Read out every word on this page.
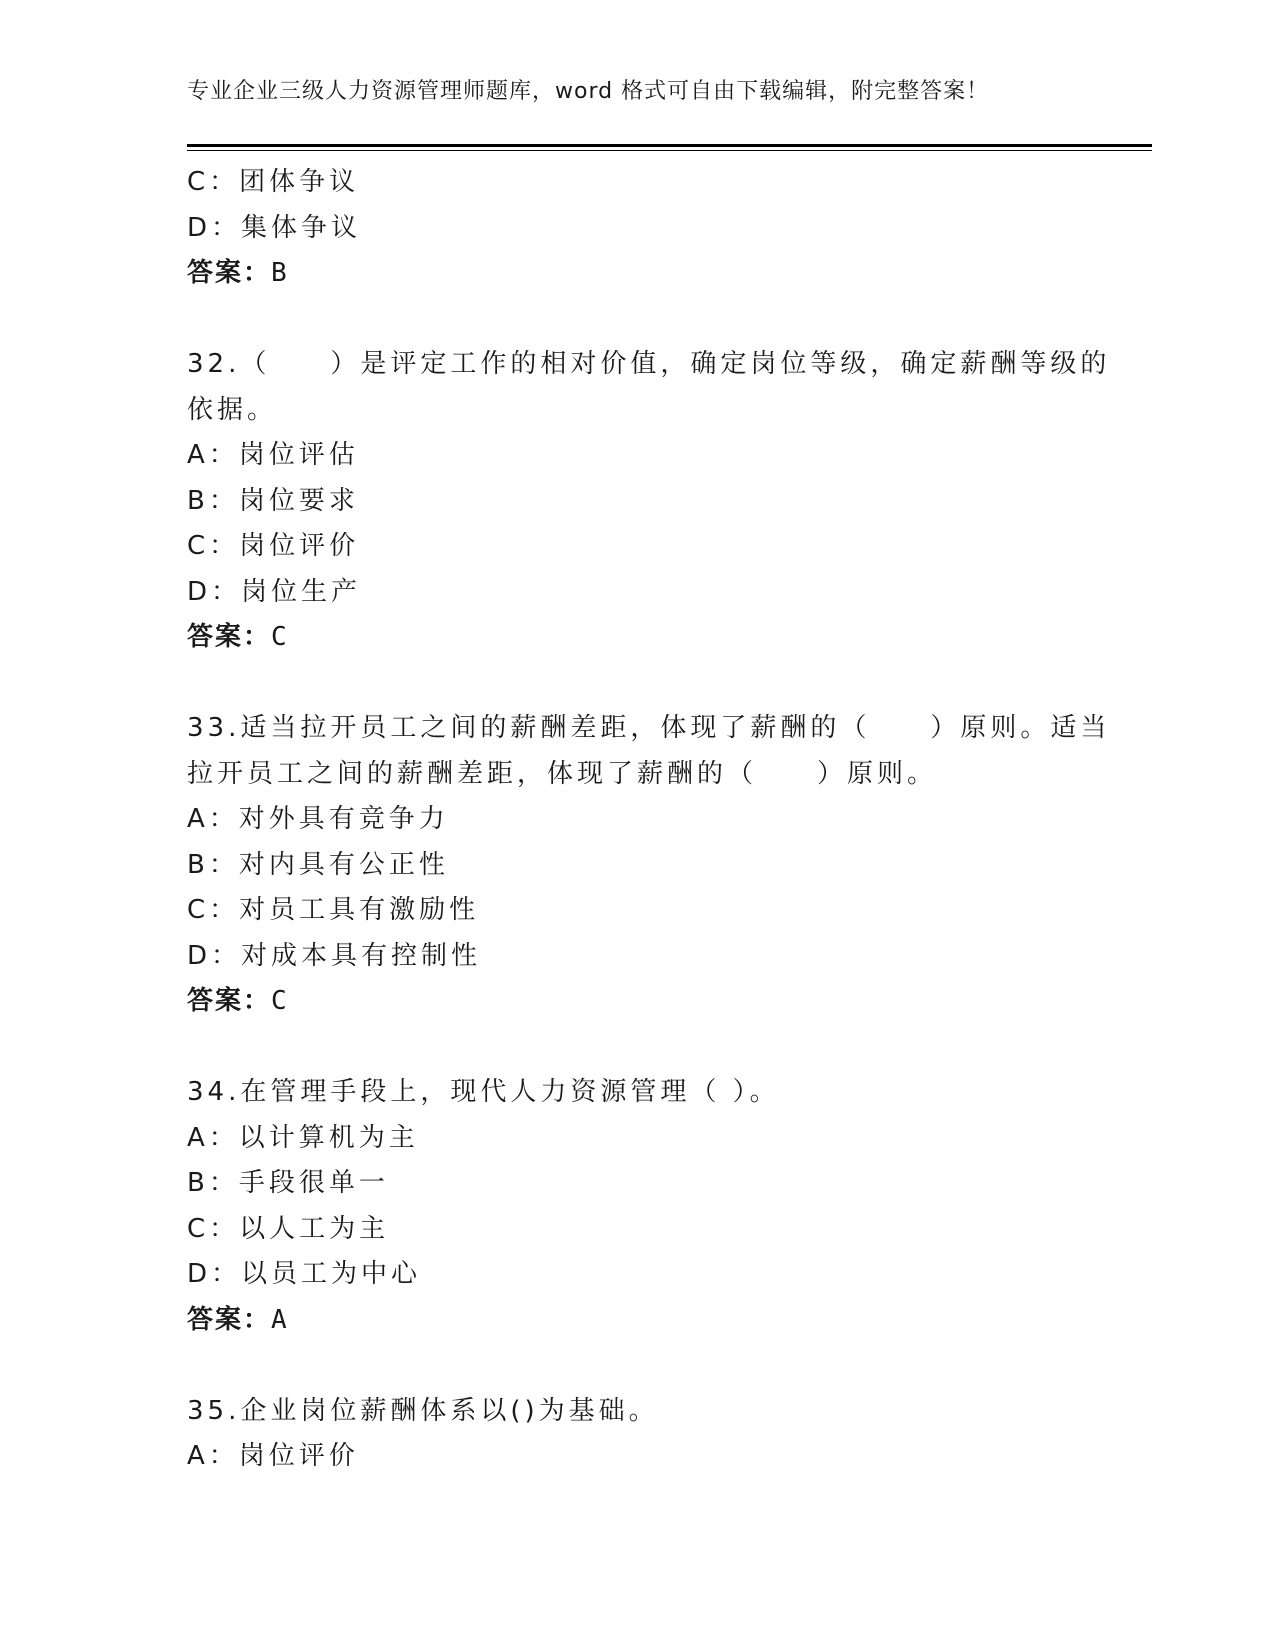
专业企业三级人力资源管理师题库，word 格式可自由下载编辑，附完整答案！
C：团体争议
D：集体争议
答案：B
32.（　　）是评定工作的相对价值，确定岗位等级，确定薪酬等级的
依据。
A：岗位评估
B：岗位要求
C：岗位评价
D：岗位生产
答案：C
33.适当拉开员工之间的薪酬差距，体现了薪酬的（　　）原则。适当
拉开员工之间的薪酬差距，体现了薪酬的（　　）原则。
A：对外具有竞争力
B：对内具有公正性
C：对员工具有激励性
D：对成本具有控制性
答案：C
34.在管理手段上，现代人力资源管理（ ）。
A：以计算机为主
B：手段很单一
C：以人工为主
D：以员工为中心
答案：A
35.企业岗位薪酬体系以()为基础。
A：岗位评价
